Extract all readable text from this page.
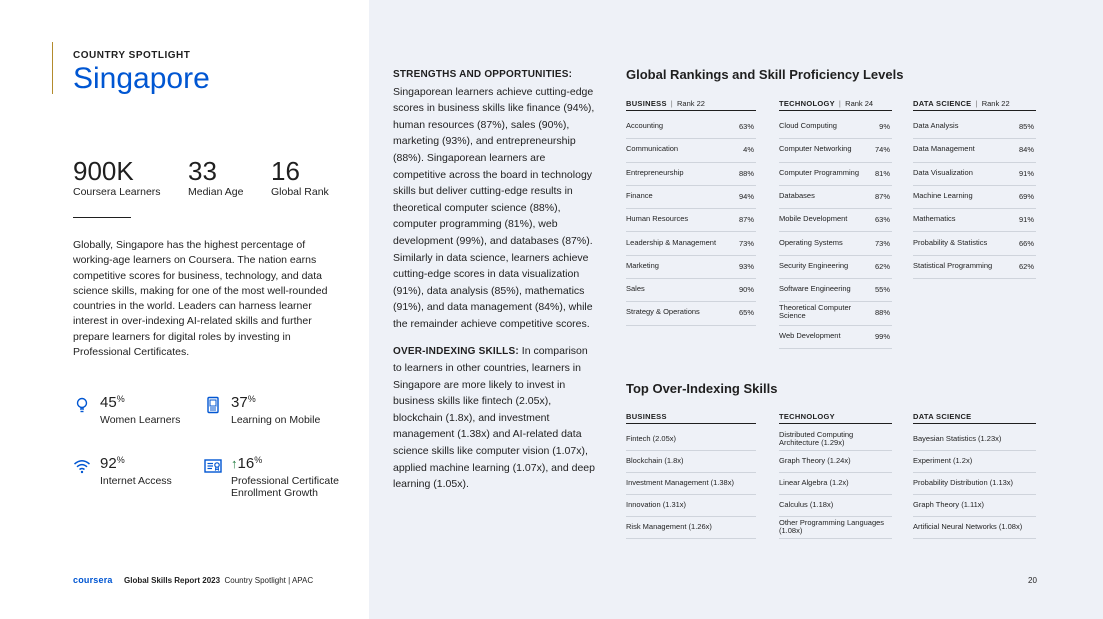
COUNTRY SPOTLIGHT
Singapore
900K
Coursera Learners
33
Median Age
16
Global Rank
Globally, Singapore has the highest percentage of working-age learners on Coursera. The nation earns competitive scores for business, technology, and data science skills, making for one of the most well-rounded countries in the world. Leaders can harness learner interest in over-indexing AI-related skills and further prepare learners for digital roles by investing in Professional Certificates.
45%
Women Learners
37%
Learning on Mobile
92%
Internet Access
↑16%
Professional Certificate Enrollment Growth
coursera Global Skills Report 2023 Country Spotlight | APAC	20

STRENGTHS AND OPPORTUNITIES:
Singaporean learners achieve cutting-edge scores in business skills like finance (94%), human resources (87%), sales (90%), marketing (93%), and entrepreneurship (88%). Singaporean learners are competitive across the board in technology skills but deliver cutting-edge results in theoretical computer science (88%), computer programming (81%), web development (99%), and databases (87%). Similarly in data science, learners achieve cutting-edge scores in data visualization (91%), data analysis (85%), mathematics (91%), and data management (84%), while the remainder achieve competitive scores.

OVER-INDEXING SKILLS: In comparison to learners in other countries, learners in Singapore are more likely to invest in business skills like fintech (2.05x), blockchain (1.8x), and investment management (1.38x) and AI-related data science skills like computer vision (1.07x), applied machine learning (1.07x), and deep learning (1.05x).

Global Rankings and Skill Proficiency Levels
BUSINESS | Rank 22
Accounting	63%
Communication	4%
Entrepreneurship	88%
Finance	94%
Human Resources	87%
Leadership & Management	73%
Marketing	93%
Sales	90%
Strategy & Operations	65%
TECHNOLOGY | Rank 24
Cloud Computing	9%
Computer Networking	74%
Computer Programming 81%
Databases	87%
Mobile Development	63%
Operating Systems	73%
Security Engineering	62%
Software Engineering	55%
Theoretical Computer Science	88%
Web Development	99%
DATA SCIENCE | Rank 22
Data Analysis	85%
Data Management	84%
Data Visualization	91%
Machine Learning	69%
Mathematics	91%
Probability & Statistics	66%
Statistical Programming	62%
Top Over-Indexing Skills
BUSINESS
Fintech (2.05x)
Blockchain (1.8x)
Investment Management (1.38x)
Innovation (1.31x)
Risk Management (1.26x)
TECHNOLOGY
Distributed Computing Architecture (1.29x)
Graph Theory (1.24x)
Linear Algebra (1.2x)
Calculus (1.18x)
Other Programming Languages (1.08x)
DATA SCIENCE
Bayesian Statistics (1.23x)
Experiment (1.2x)
Probability Distribution (1.13x)
Graph Theory (1.11x)
Artificial Neural Networks (1.08x)
